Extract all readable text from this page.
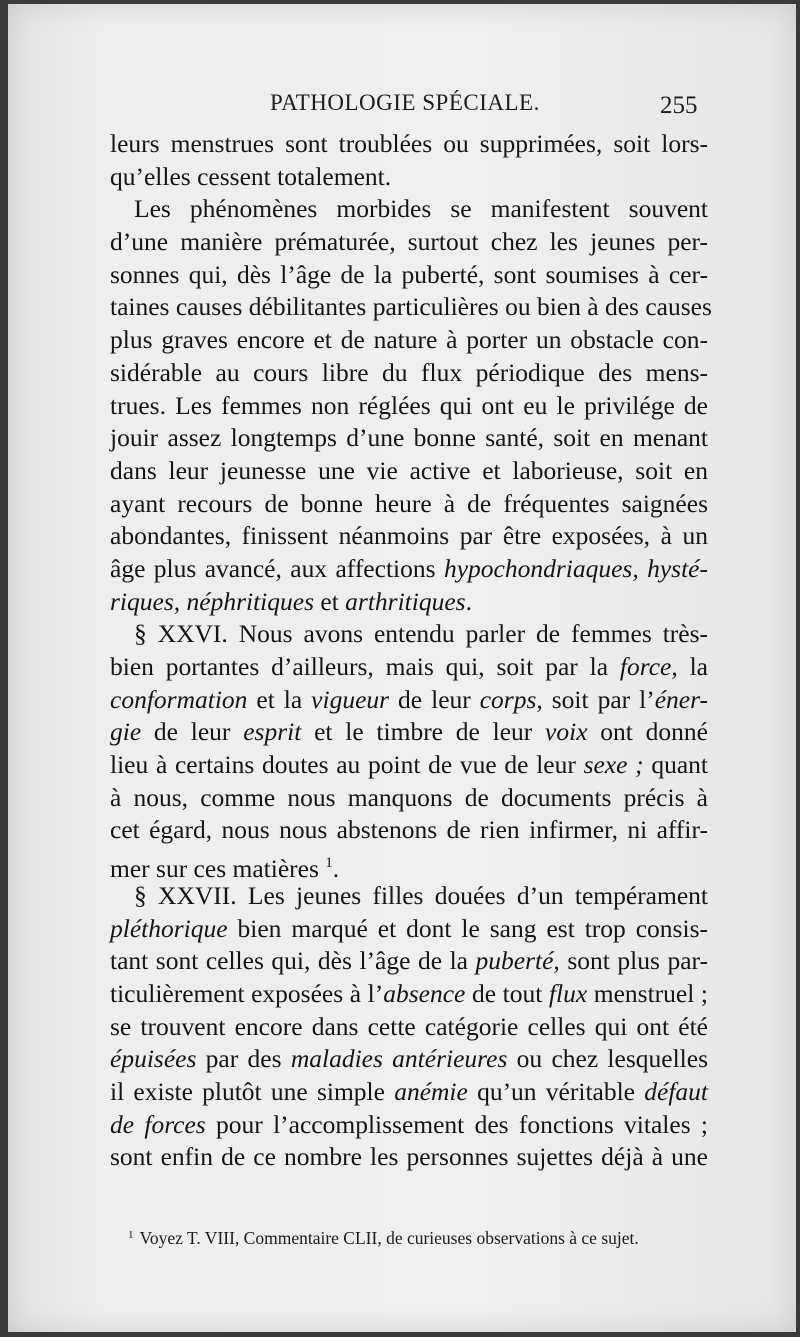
PATHOLOGIE SPÉCIALE.	255
leurs menstrues sont troublées ou supprimées, soit lors-
qu’elles cessent totalement.
Les phénomènes morbides se manifestent souvent
d’une manière prématurée, surtout chez les jeunes per-
sonnes qui, dès l’âge de la puberté, sont soumises à cer-
taines causes débilitantes particulières ou bien à des causes
plus graves encore et de nature à porter un obstacle con-
sidérable au cours libre du flux périodique des mens-
trues. Les femmes non réglées qui ont eu le privilége de
jouir assez longtemps d’une bonne santé, soit en menant
dans leur jeunesse une vie active et laborieuse, soit en
ayant recours de bonne heure à de fréquentes saignées
abondantes, finissent néanmoins par être exposées, à un
âge plus avancé, aux affections hypochondriaques, hysté-
riques, néphritiques et arthritiques.
§ XXVI. Nous avons entendu parler de femmes très-
bien portantes d’ailleurs, mais qui, soit par la force, la
conformation et la vigueur de leur corps, soit par l’éner-
gie de leur esprit et le timbre de leur voix ont donné
lieu à certains doutes au point de vue de leur sexe ; quant
à nous, comme nous manquons de documents précis à
cet égard, nous nous abstenons de rien infirmer, ni affir-
mer sur ces matières $^1$.
§ XXVII. Les jeunes filles douées d’un tempérament
pléthorique bien marqué et dont le sang est trop consis-
tant sont celles qui, dès l’âge de la puberté, sont plus par-
ticulièrement exposées à l’absence de tout flux menstruel ;
se trouvent encore dans cette catégorie celles qui ont été
épuisées par des maladies antérieures ou chez lesquelles
il existe plutôt une simple anémie qu’un véritable défaut
de forces pour l’accomplissement des fonctions vitales ;
sont enfin de ce nombre les personnes sujettes déjà à une
$^1$ Voyez T. VIII, Commentaire CLII, de curieuses observations à ce sujet.
